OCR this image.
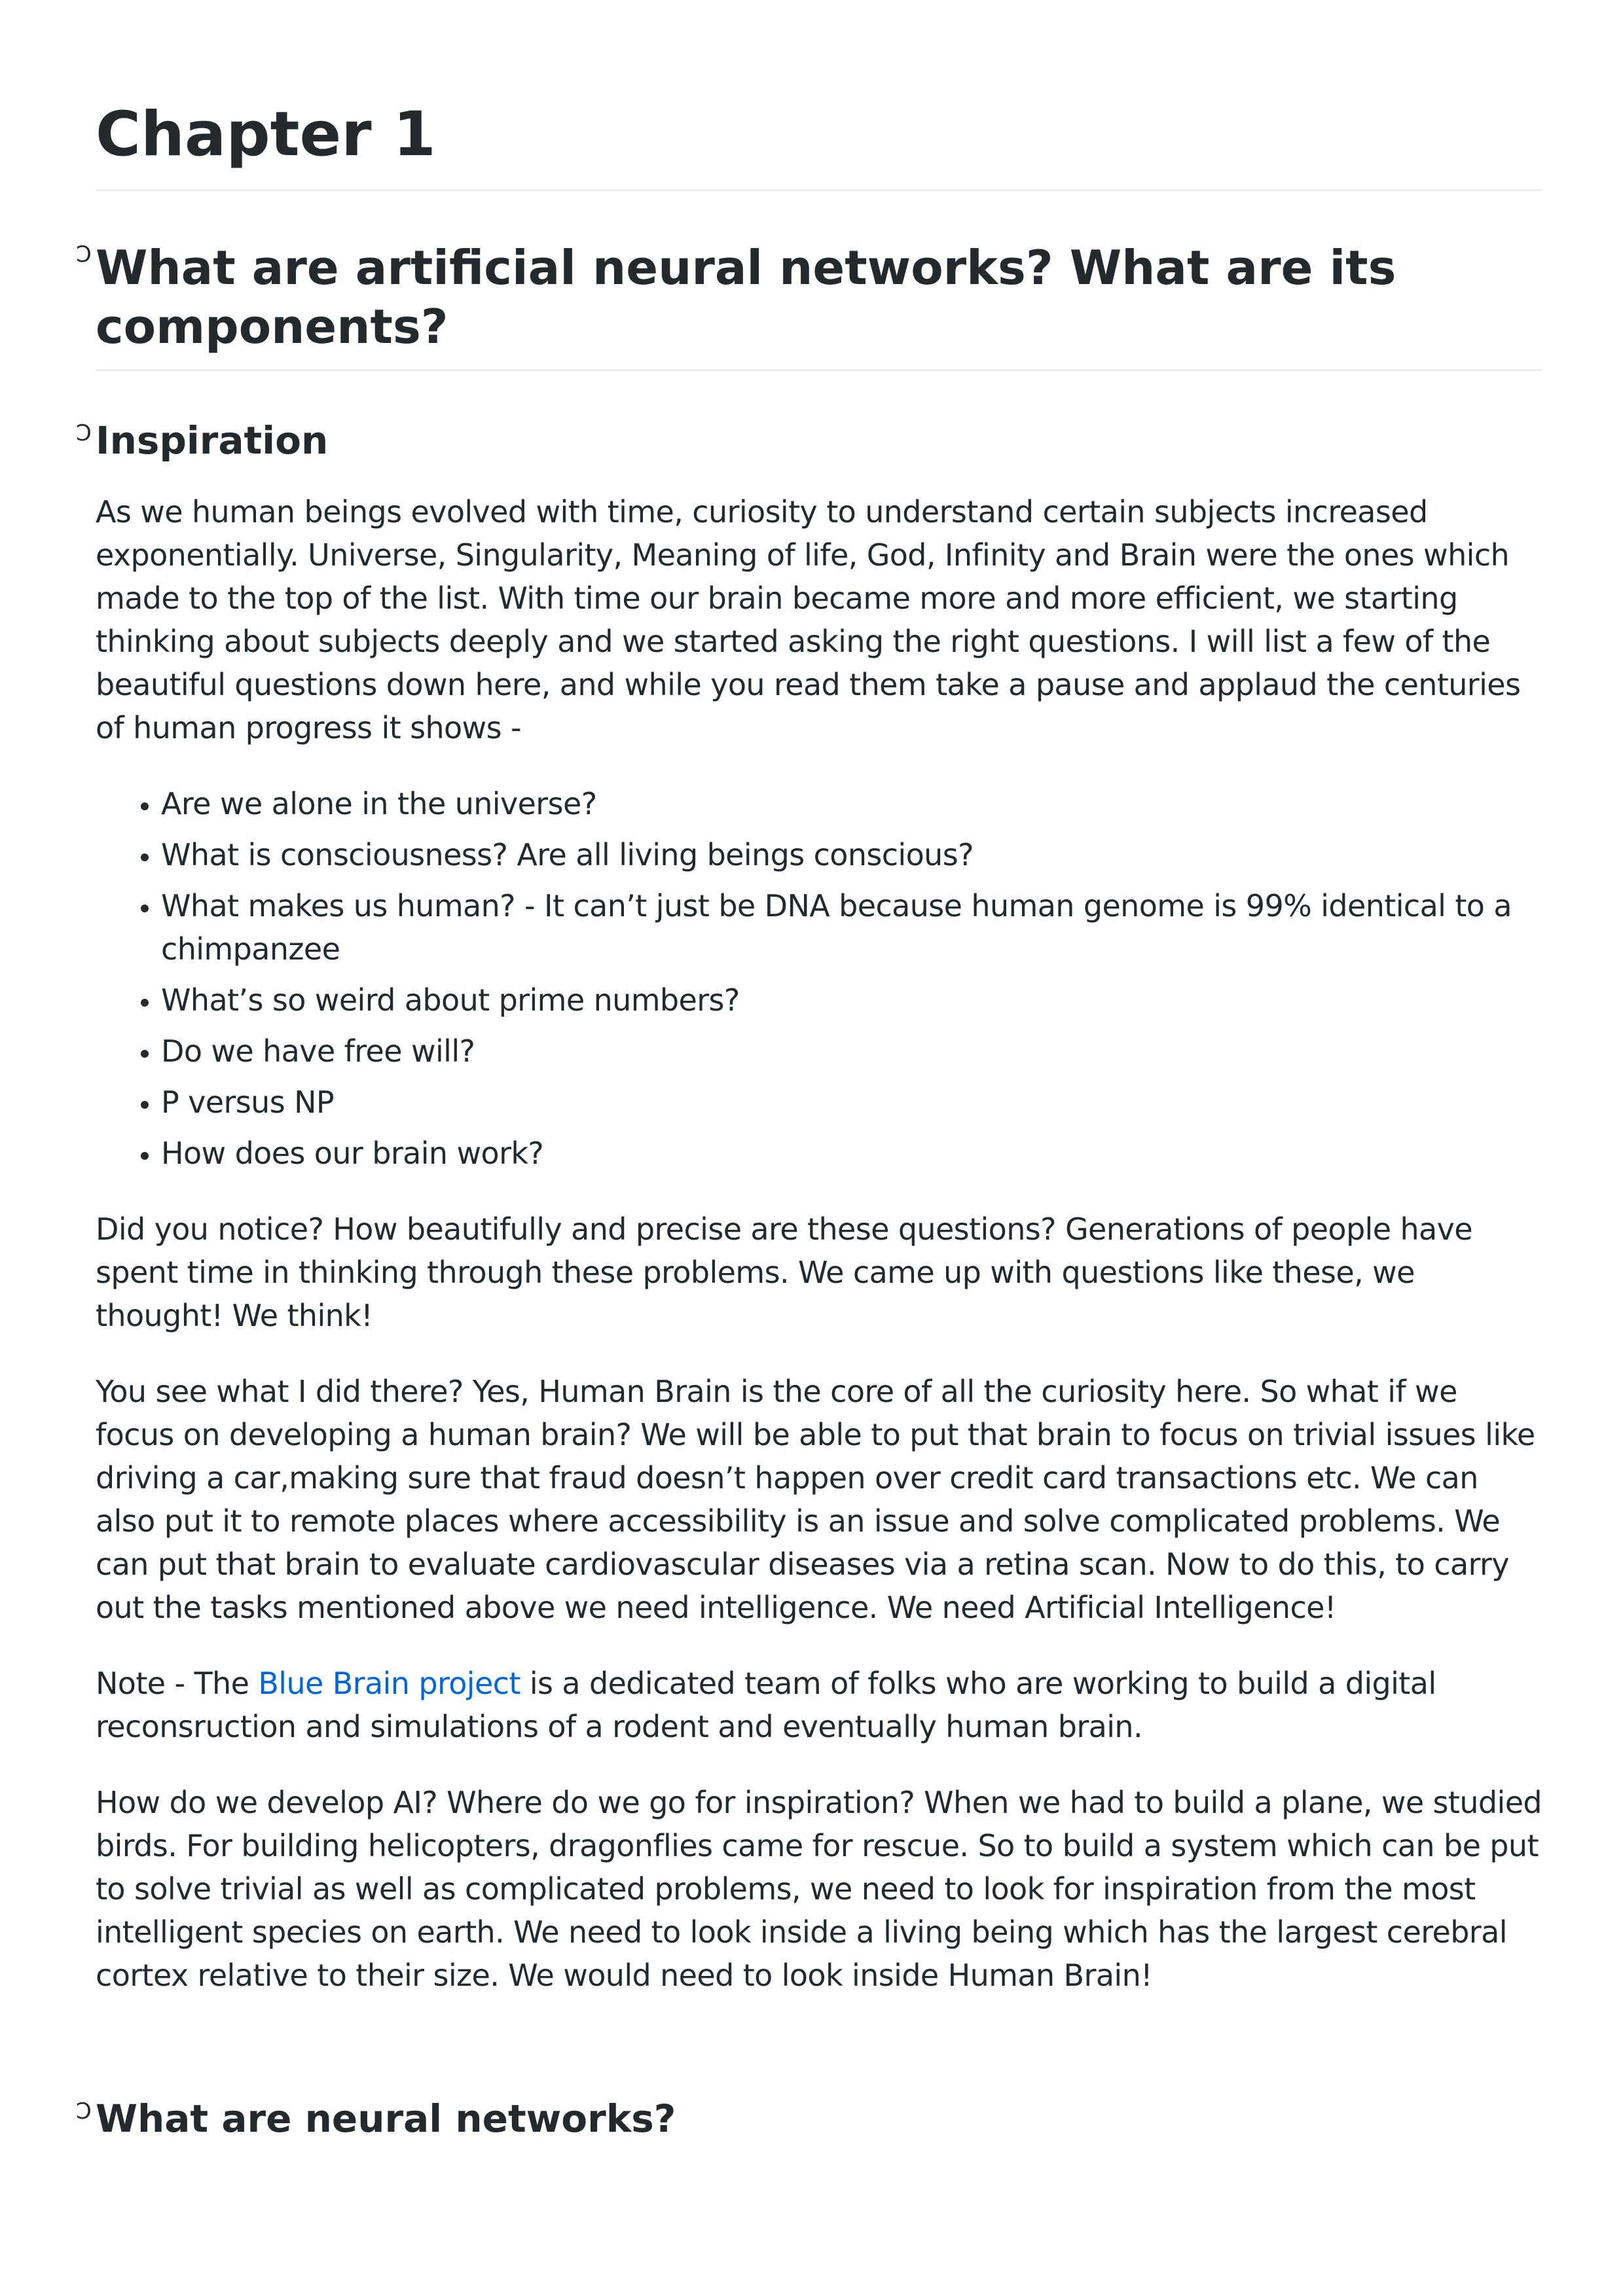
Chapter 1
Ↄ What are artificial neural networks? What are its components?
Ↄ Inspiration

As we human beings evolved with time, curiosity to understand certain subjects increased exponentially. Universe, Singularity, Meaning of life, God, Infinity and Brain were the ones which made to the top of the list. With time our brain became more and more efficient, we starting thinking about subjects deeply and we started asking the right questions. I will list a few of the beautiful questions down here, and while you read them take a pause and applaud the centuries of human progress it shows -

• Are we alone in the universe?
• What is consciousness? Are all living beings conscious?
• What makes us human? - It can’t just be DNA because human genome is 99% identical to a chimpanzee
• What’s so weird about prime numbers?
• Do we have free will?
• P versus NP
• How does our brain work?

Did you notice? How beautifully and precise are these questions? Generations of people have spent time in thinking through these problems. We came up with questions like these, we thought! We think!

You see what I did there? Yes, Human Brain is the core of all the curiosity here. So what if we focus on developing a human brain? We will be able to put that brain to focus on trivial issues like driving a car,making sure that fraud doesn’t happen over credit card transactions etc. We can also put it to remote places where accessibility is an issue and solve complicated problems. We can put that brain to evaluate cardiovascular diseases via a retina scan. Now to do this, to carry out the tasks mentioned above we need intelligence. We need Artificial Intelligence!

Note - The Blue Brain project is a dedicated team of folks who are working to build a digital reconsruction and simulations of a rodent and eventually human brain.

How do we develop AI? Where do we go for inspiration? When we had to build a plane, we studied birds. For building helicopters, dragonflies came for rescue. So to build a system which can be put to solve trivial as well as complicated problems, we need to look for inspiration from the most intelligent species on earth. We need to look inside a living being which has the largest cerebral cortex relative to their size. We would need to look inside Human Brain!

Ↄ What are neural networks?
